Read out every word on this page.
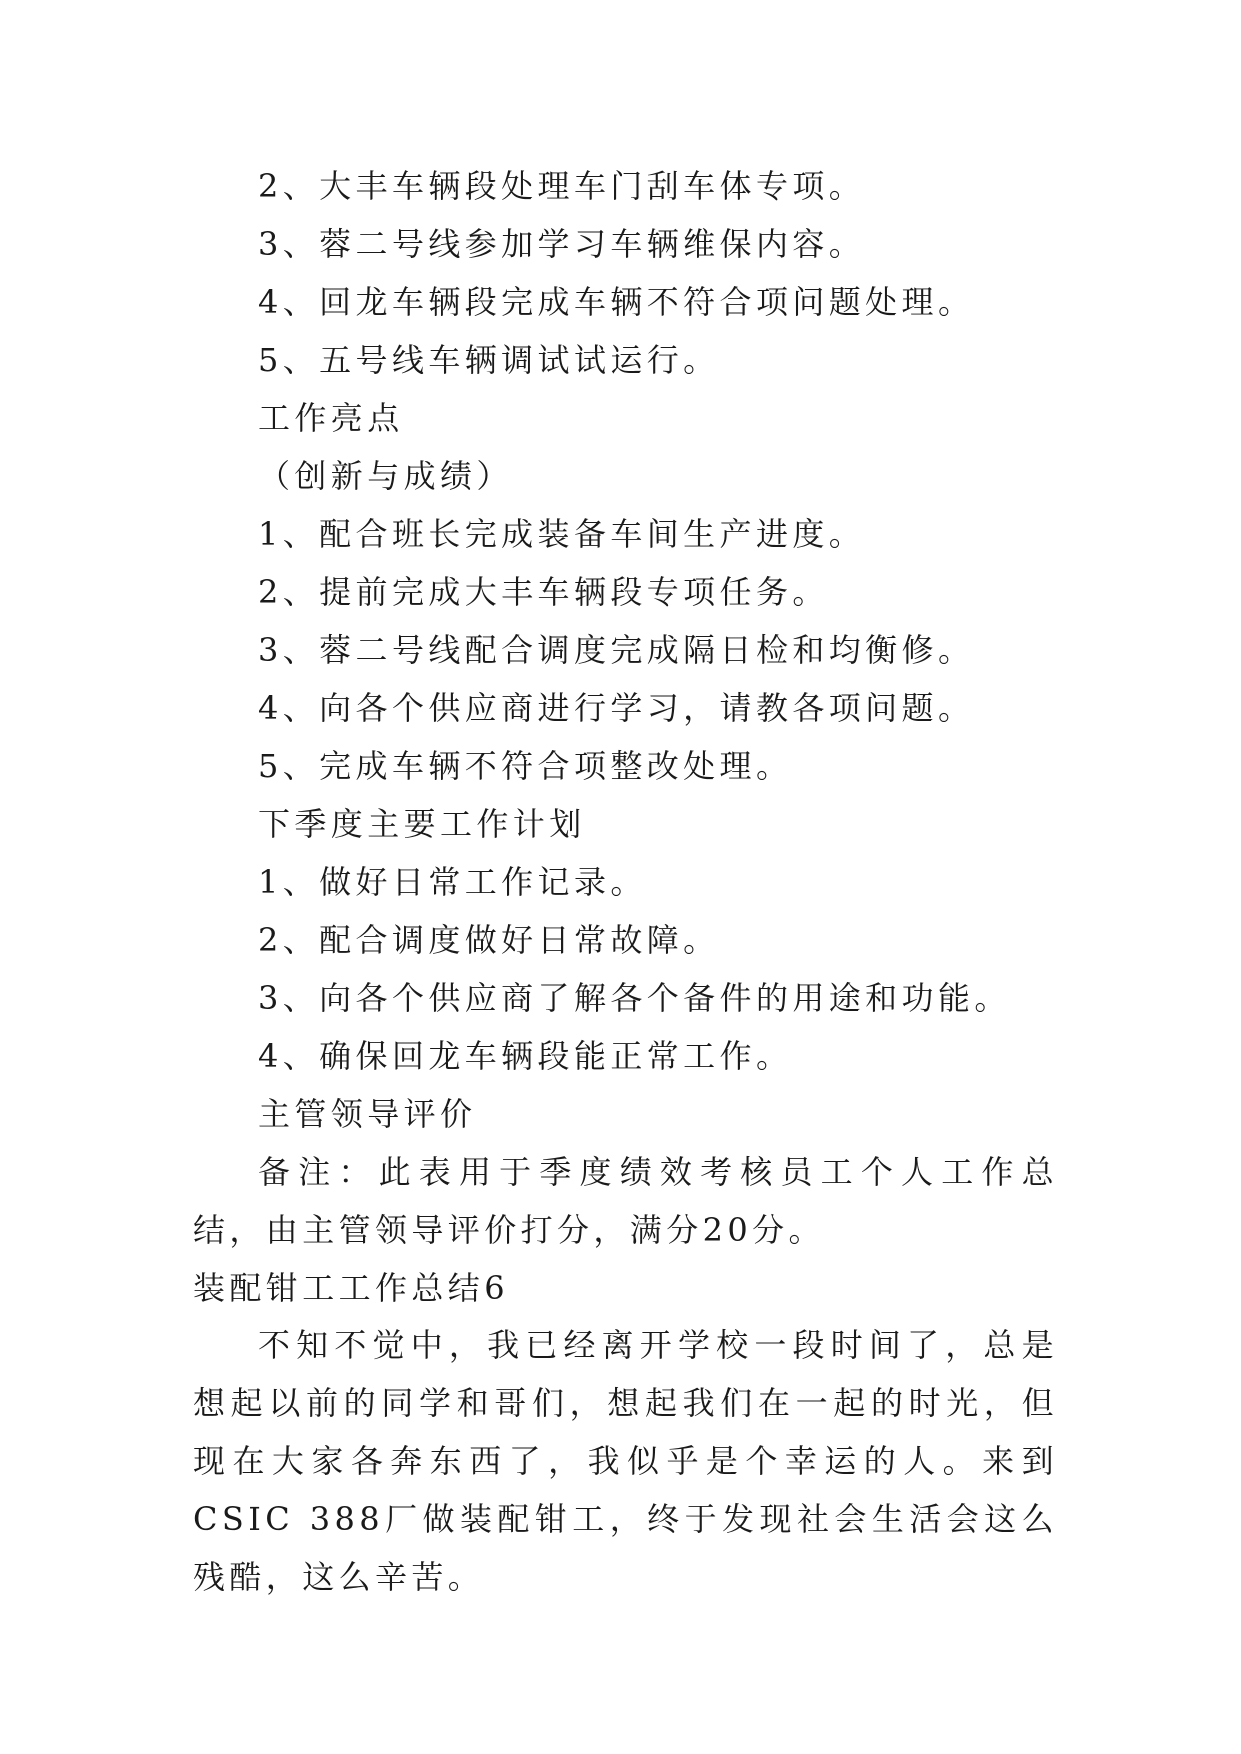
2、大丰车辆段处理车门刮车体专项。
3、蓉二号线参加学习车辆维保内容。
4、回龙车辆段完成车辆不符合项问题处理。
5、五号线车辆调试试运行。
工作亮点
（创新与成绩）
1、配合班长完成装备车间生产进度。
2、提前完成大丰车辆段专项任务。
3、蓉二号线配合调度完成隔日检和均衡修。
4、向各个供应商进行学习，请教各项问题。
5、完成车辆不符合项整改处理。
下季度主要工作计划
1、做好日常工作记录。
2、配合调度做好日常故障。
3、向各个供应商了解各个备件的用途和功能。
4、确保回龙车辆段能正常工作。
主管领导评价
备注：此表用于季度绩效考核员工个人工作总结，由主管领导评价打分，满分20分。
装配钳工工作总结6
不知不觉中，我已经离开学校一段时间了，总是想起以前的同学和哥们，想起我们在一起的时光，但现在大家各奔东西了，我似乎是个幸运的人。来到CSIC 388厂做装配钳工，终于发现社会生活会这么残酷，这么辛苦。
